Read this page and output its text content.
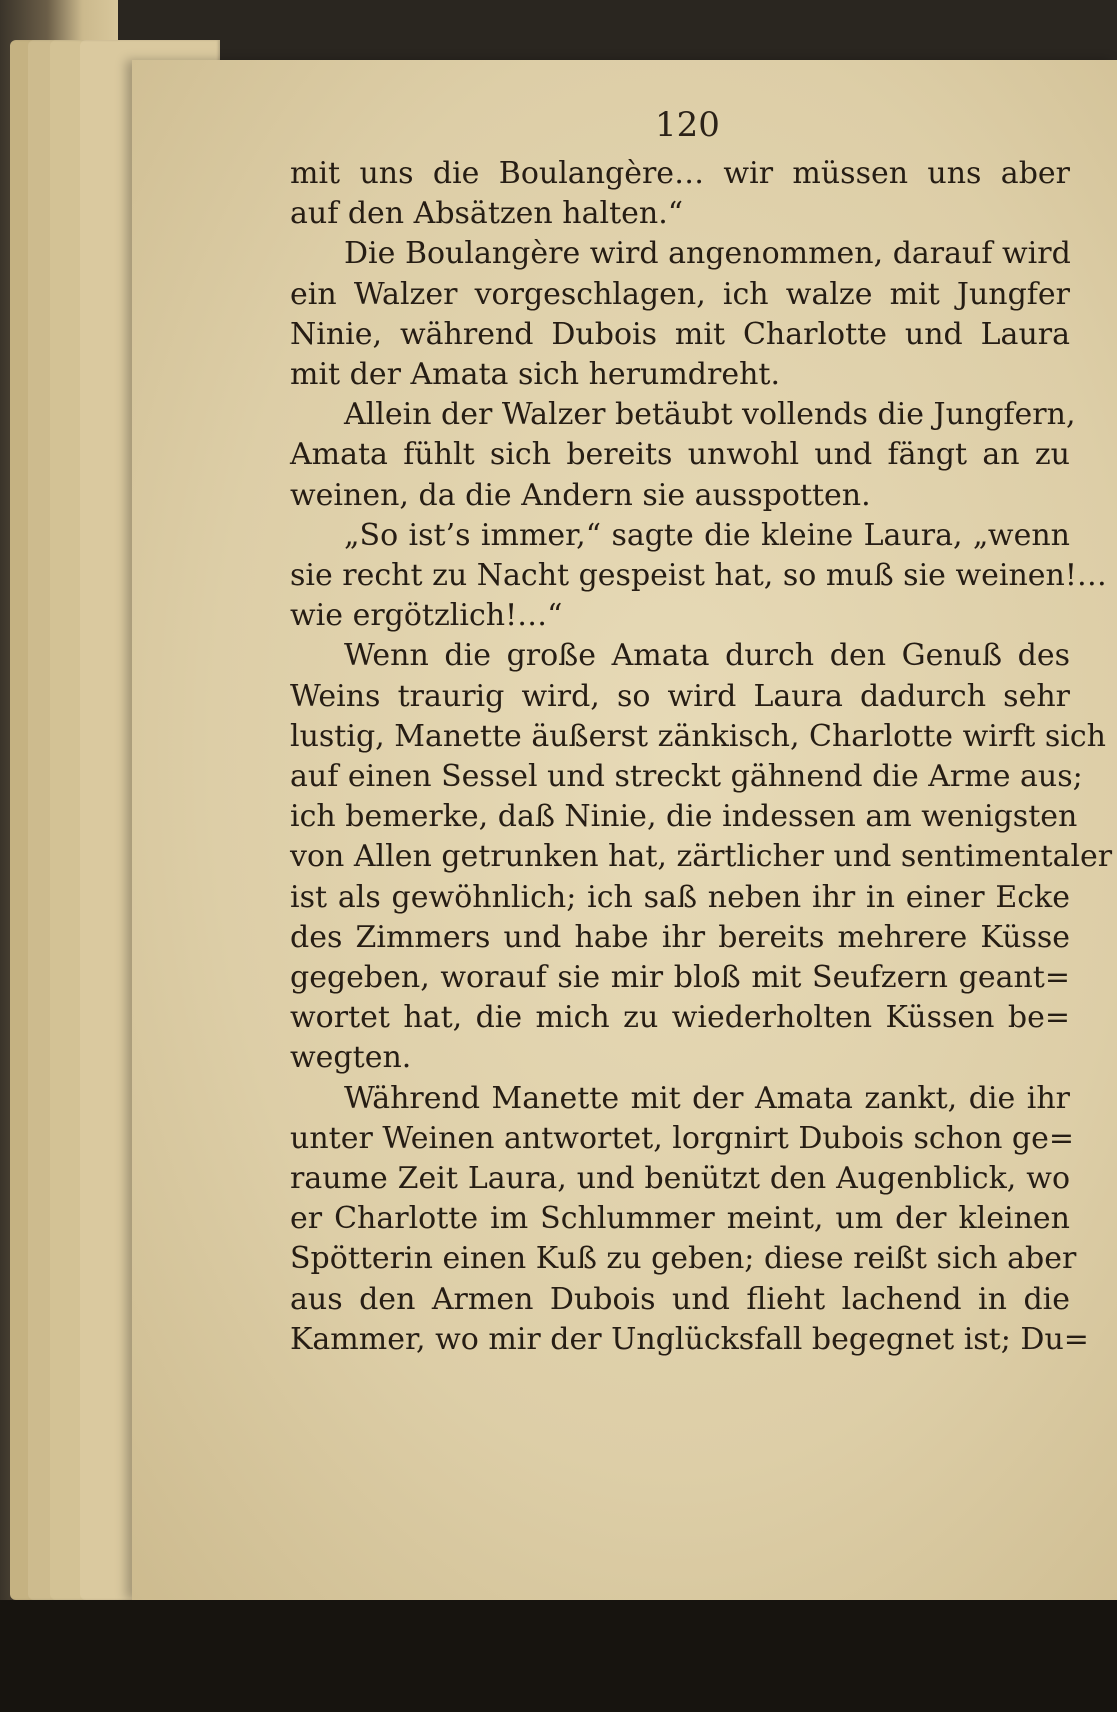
120
mit uns die Boulangère… wir müssen uns aber
auf den Absätzen halten.“
Die Boulangère wird angenommen, darauf wird
ein Walzer vorgeschlagen, ich walze mit Jungfer
Ninie, während Dubois mit Charlotte und Laura
mit der Amata sich herumdreht.
Allein der Walzer betäubt vollends die Jungfern,
Amata fühlt sich bereits unwohl und fängt an zu
weinen, da die Andern sie ausspotten.
„So ist’s immer,“ sagte die kleine Laura, „wenn
sie recht zu Nacht gespeist hat, so muß sie weinen!…
wie ergötzlich!…“
Wenn die große Amata durch den Genuß des
Weins traurig wird, so wird Laura dadurch sehr
lustig, Manette äußerst zänkisch, Charlotte wirft sich
auf einen Sessel und streckt gähnend die Arme aus;
ich bemerke, daß Ninie, die indessen am wenigsten
von Allen getrunken hat, zärtlicher und sentimentaler
ist als gewöhnlich; ich saß neben ihr in einer Ecke
des Zimmers und habe ihr bereits mehrere Küsse
gegeben, worauf sie mir bloß mit Seufzern geant=
wortet hat, die mich zu wiederholten Küssen be=
wegten.
Während Manette mit der Amata zankt, die ihr
unter Weinen antwortet, lorgnirt Dubois schon ge=
raume Zeit Laura, und benützt den Augenblick, wo
er Charlotte im Schlummer meint, um der kleinen
Spötterin einen Kuß zu geben; diese reißt sich aber
aus den Armen Dubois und flieht lachend in die
Kammer, wo mir der Unglücksfall begegnet ist; Du=
